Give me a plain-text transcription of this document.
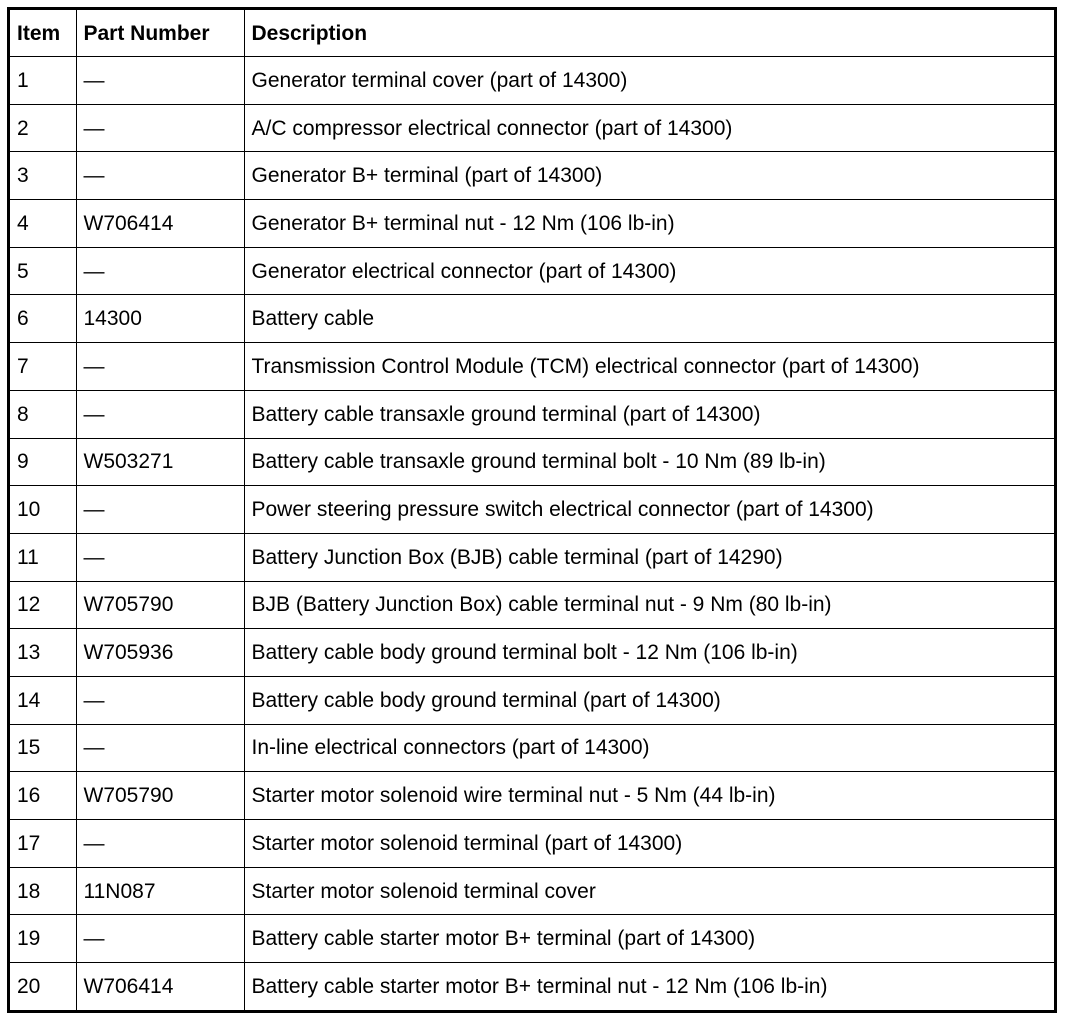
Item	Part Number	Description
1	—	Generator terminal cover (part of 14300)
2	—	A/C compressor electrical connector (part of 14300)
3	—	Generator B+ terminal (part of 14300)
4	W706414	Generator B+ terminal nut - 12 Nm (106 lb-in)
5	—	Generator electrical connector (part of 14300)
6	14300	Battery cable
7	—	Transmission Control Module (TCM) electrical connector (part of 14300)
8	—	Battery cable transaxle ground terminal (part of 14300)
9	W503271	Battery cable transaxle ground terminal bolt - 10 Nm (89 lb-in)
10	—	Power steering pressure switch electrical connector (part of 14300)
11	—	Battery Junction Box (BJB) cable terminal (part of 14290)
12	W705790	BJB (Battery Junction Box) cable terminal nut - 9 Nm (80 lb-in)
13	W705936	Battery cable body ground terminal bolt - 12 Nm (106 lb-in)
14	—	Battery cable body ground terminal (part of 14300)
15	—	In-line electrical connectors (part of 14300)
16	W705790	Starter motor solenoid wire terminal nut - 5 Nm (44 lb-in)
17	—	Starter motor solenoid terminal (part of 14300)
18	11N087	Starter motor solenoid terminal cover
19	—	Battery cable starter motor B+ terminal (part of 14300)
20	W706414	Battery cable starter motor B+ terminal nut - 12 Nm (106 lb-in)
